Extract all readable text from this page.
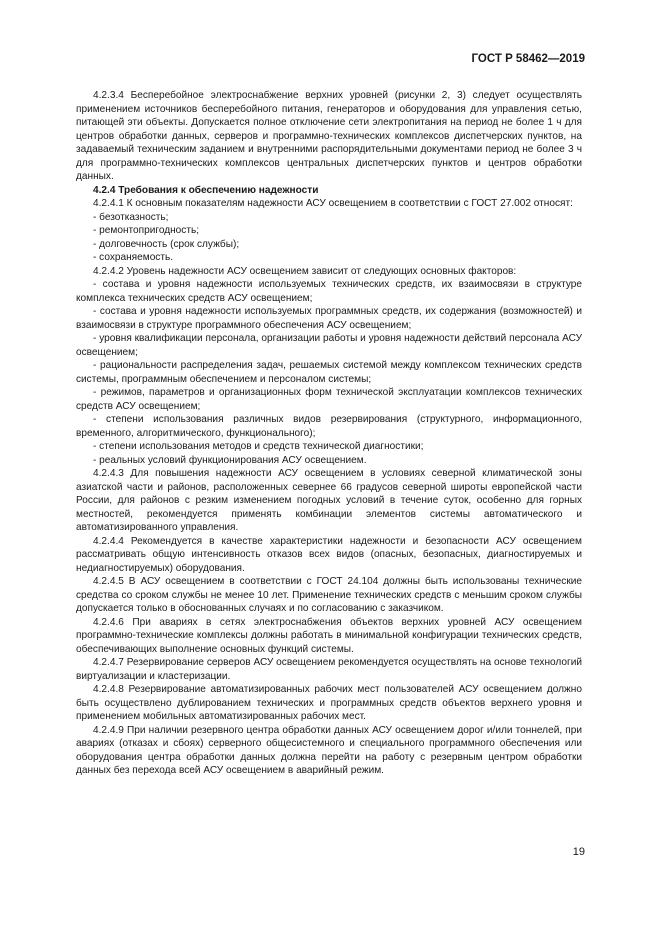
ГОСТ Р 58462—2019

4.2.3.4 Бесперебойное электроснабжение верхних уровней (рисунки 2, 3) следует осуществлять применением источников бесперебойного питания, генераторов и оборудования для управления сетью, питающей эти объекты. Допускается полное отключение сети электропитания на период не более 1 ч для центров обработки данных, серверов и программно-технических комплексов диспетчерских пунктов, на задаваемый техническим заданием и внутренними распорядительными документами период не более 3 ч для программно-технических комплексов центральных диспетчерских пунктов и центров обработки данных.

4.2.4 Требования к обеспечению надежности

4.2.4.1 К основным показателям надежности АСУ освещением в соответствии с ГОСТ 27.002 относят:

- безотказность;

- ремонтопригодность;

- долговечность (срок службы);

- сохраняемость.

4.2.4.2 Уровень надежности АСУ освещением зависит от следующих основных факторов:

- состава и уровня надежности используемых технических средств, их взаимосвязи в структуре комплекса технических средств АСУ освещением;

- состава и уровня надежности используемых программных средств, их содержания (возможностей) и взаимосвязи в структуре программного обеспечения АСУ освещением;

- уровня квалификации персонала, организации работы и уровня надежности действий персонала АСУ освещением;

- рациональности распределения задач, решаемых системой между комплексом технических средств системы, программным обеспечением и персоналом системы;

- режимов, параметров и организационных форм технической эксплуатации комплексов технических средств АСУ освещением;

- степени использования различных видов резервирования (структурного, информационного, временного, алгоритмического, функционального);

- степени использования методов и средств технической диагностики;

- реальных условий функционирования АСУ освещением.

4.2.4.3 Для повышения надежности АСУ освещением в условиях северной климатической зоны азиатской части и районов, расположенных севернее 66 градусов северной широты европейской части России, для районов с резким изменением погодных условий в течение суток, особенно для горных местностей, рекомендуется применять комбинации элементов системы автоматического и автоматизированного управления.

4.2.4.4 Рекомендуется в качестве характеристики надежности и безопасности АСУ освещением рассматривать общую интенсивность отказов всех видов (опасных, безопасных, диагностируемых и недиагностируемых) оборудования.

4.2.4.5 В АСУ освещением в соответствии с ГОСТ 24.104 должны быть использованы технические средства со сроком службы не менее 10 лет. Применение технических средств с меньшим сроком службы допускается только в обоснованных случаях и по согласованию с заказчиком.

4.2.4.6 При авариях в сетях электроснабжения объектов верхних уровней АСУ освещением программно-технические комплексы должны работать в минимальной конфигурации технических средств, обеспечивающих выполнение основных функций системы.

4.2.4.7 Резервирование серверов АСУ освещением рекомендуется осуществлять на основе технологий виртуализации и кластеризации.

4.2.4.8 Резервирование автоматизированных рабочих мест пользователей АСУ освещением должно быть осуществлено дублированием технических и программных средств объектов верхнего уровня и применением мобильных автоматизированных рабочих мест.

4.2.4.9 При наличии резервного центра обработки данных АСУ освещением дорог и/или тоннелей, при авариях (отказах и сбоях) серверного общесистемного и специального программного обеспечения или оборудования центра обработки данных должна перейти на работу с резервным центром обработки данных без перехода всей АСУ освещением в аварийный режим.

19
